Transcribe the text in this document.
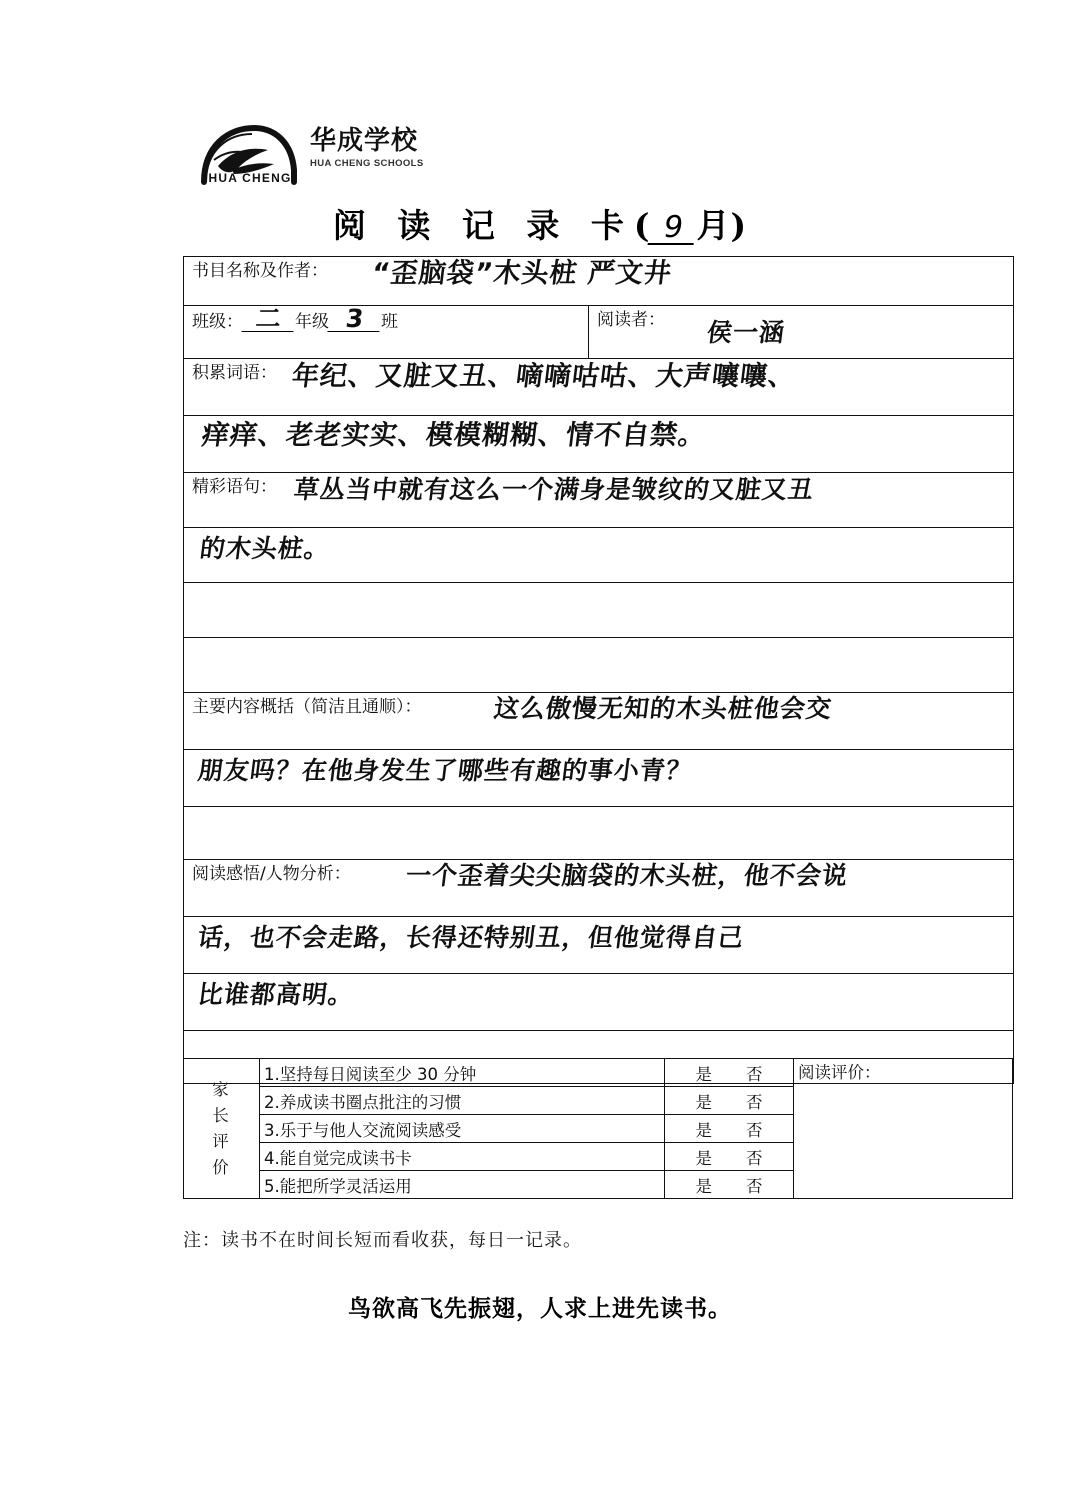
HUA CHENG
华成学校
HUA CHENG SCHOOLS
阅 读 记 录 卡( 9 月)
书目名称及作者： “歪脑袋”木头桩 严文井

班级： 二 年级 3 班	阅读者： 侯一涵

积累词语： 年纪、又脏又丑、嘀嘀咕咕、大声嚷嚷、

痒痒、老老实实、模模糊糊、情不自禁。

精彩语句： 草丛当中就有这么一个满身是皱纹的又脏又丑

的木头桩。

主要内容概括（简洁且通顺）：	这么傲慢无知的木头桩他会交

朋友吗？在他身发生了哪些有趣的事小青？

阅读感悟/人物分析： 一个歪着尖尖脑袋的木头桩，他不会说

话，也不会走路，长得还特别丑，但他觉得自己

比谁都高明。

家
长
评
价	1.坚持每日阅读至少 30 分钟	是 否	阅读评价：
	2.养成读书圈点批注的习惯	是 否	
	3.乐于与他人交流阅读感受	是 否	
	4.能自觉完成读书卡	是 否	
	5.能把所学灵活运用	是 否	
注：读书不在时间长短而看收获，每日一记录。
鸟欲高飞先振翅，人求上进先读书。
